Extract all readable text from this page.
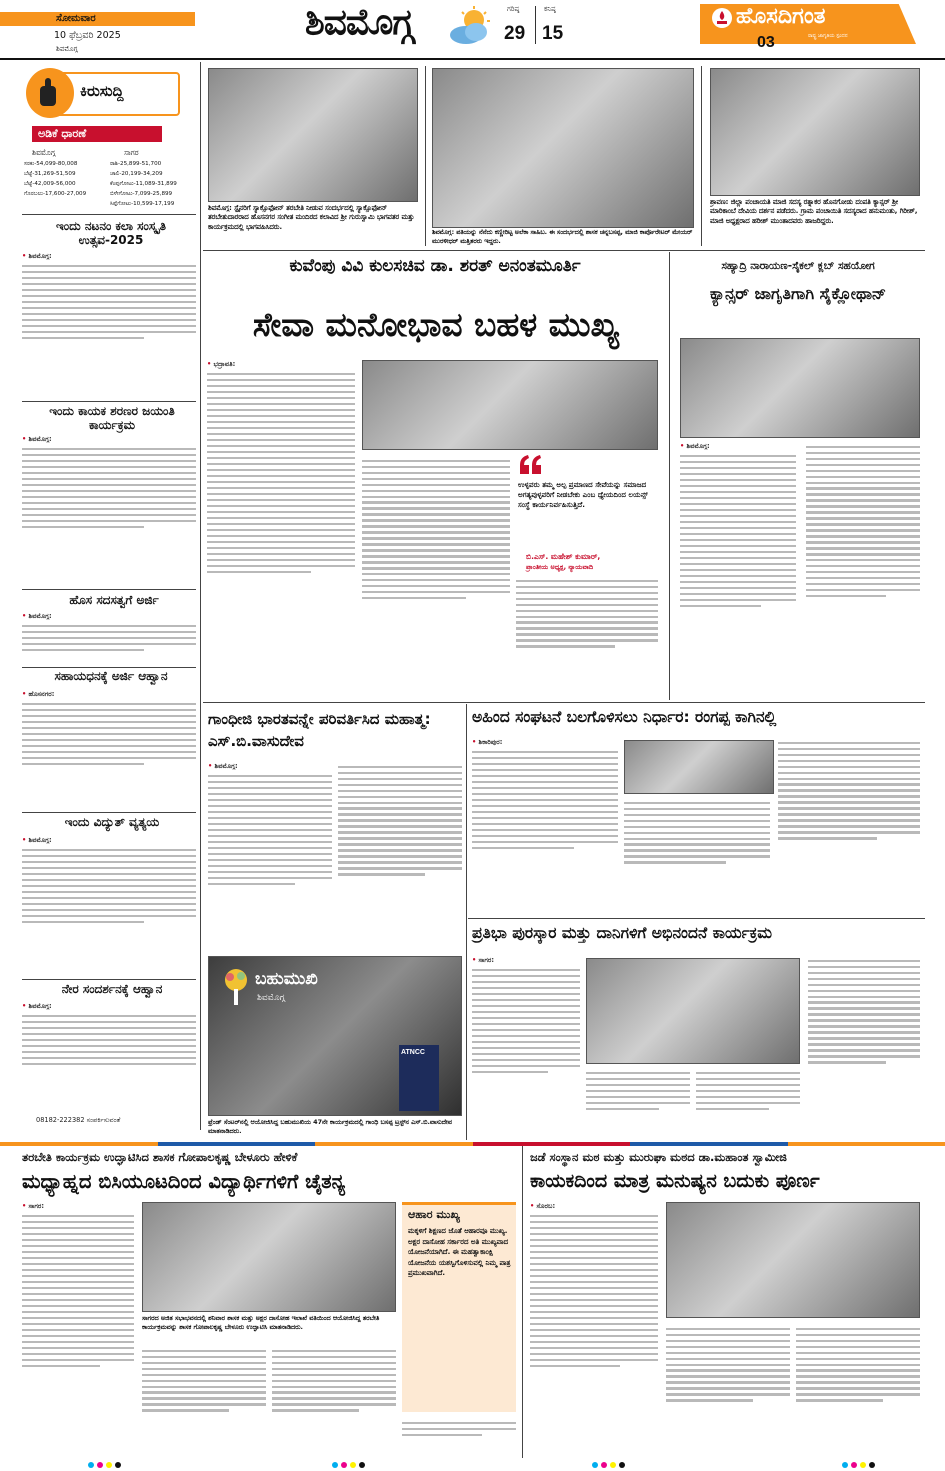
ಸೋಮವಾರ
10 ಫೆಬ್ರವರಿ 2025
ಶಿವಮೊಗ್ಗ
ಶಿವಮೊಗ್ಗ	ಗರಿಷ್ಠ
29
ಕನಿಷ್ಠ
15
ಹೊಸದಿಗಂತ
ರಾಷ್ಟ್ರ ಜಾಗೃತಿಯ ಸ್ಪಂದನ
03
ಕಿರುಸುದ್ದಿ
ಅಡಿಕೆ ಧಾರಣೆ
ಶಿವಮೊಗ್ಗ	ಸಾಗರ
ಸರಕು-54,099-80,008
ಬೆಟ್ಟೆ-31,269-51,509
ಬೆಟ್ಟೆ-42,009-56,000
ಗೊರಬಲು-17,600-27,009
ರಾಶಿ-25,899-51,700
ಚಾಲಿ-20,199-34,209
ಕೆಂಪುಗೋಟು-11,089-31,899
ಬಿಳೇಗೋಟು-7,099-25,899
ಸಿಪ್ಪೆಗೋಟು-10,599-17,199
ಇಂದು ನಟನಂ ಕಲಾ ಸಂಸ್ಕೃತಿ ಉತ್ಸವ-2025
• ಶಿವಮೊಗ್ಗ:
ಇಂದು ಕಾಯಕ ಶರಣರ ಜಯಂತಿ ಕಾರ್ಯಕ್ರಮ
• ಶಿವಮೊಗ್ಗ:
ಹೊಸ ಸದಸತ್ವಗೆ ಅರ್ಜಿ
• ಶಿವಮೊಗ್ಗ:
ಸಹಾಯಧನಕ್ಕೆ ಅರ್ಜಿ ಆಹ್ವಾನ
• ಹೊಸನಗರ:
ಇಂದು ವಿದ್ಯುತ್ ವ್ಯತ್ಯಯ
• ಶಿವಮೊಗ್ಗ:
ನೇರ ಸಂದರ್ಶನಕ್ಕೆ ಆಹ್ವಾನ
• ಶಿವಮೊಗ್ಗ:
08182-222382 ಸಂಪರ್ಕಿಸುವಂತೆ
ಶಿವಮೊಗ್ಗ: ಸ್ಟೈನರಿಗೆ ಸ್ಯಾಕ್ಸೊಫೋನ್ ತರಬೇತಿ ನೀಡುವ ಸಂದರ್ಭದಲ್ಲಿ ಸ್ಯಾಕ್ಸೊಫೋನ್ ತರಬೇತುದಾರರಾದ ಹೊಸನಗರ ಸಂಗೀತ ಮಂದಿರದ ಕಲಾವಿದ ಶ್ರೀ ಗುರುಸ್ವಾಮಿ ಭಾಗವತರ ಮತ್ತು ಕಾರ್ಯಕ್ರಮದಲ್ಲಿ ಭಾಗವಹಿಸಿದರು.
ಶಿವಮೊಗ್ಗ: ಪತಿಯನ್ನು ನೆನೆದು ಕಣ್ಣೀರಿಟ್ಟ ಅಲೆಕಾ ಸಾಹಿಬ. ಈ ಸಂದರ್ಭದಲ್ಲಿ ಶಾಸಕ ಚನ್ನಬಸಪ್ಪ, ಮಾಜಿ ಕಾರ್ಪೊರೇಟರ್ ಮೇಯರ್ ಮುರಳೀಧರ್ ಮತ್ತಿತರರು ಇದ್ದರು.
ಶ್ರಾವಣ: ಜಿಲ್ಲಾ ಪಂಚಾಯತಿ ಮಾಜಿ ಸದಸ್ಯ ರತ್ನಾಕರ ಹೊನಗೋಡು ದಂಪತಿ ಕ್ಯಾನ್ಸರ್ ಶ್ರೀ ಮಾರಿಕಾಂಬೆ ದೇವಿಯ ದರ್ಶನ ಪಡೆದರು. ಗ್ರಾಮ ಪಂಚಾಯಿತಿ ಸದಸ್ಯರಾದ ಹನುಮಂತು, ಗಿರೀಶ್, ಮಾಜಿ ಅಧ್ಯಕ್ಷರಾದ ಹರೀಶ್ ಮುಂತಾದವರು ಹಾಜರಿದ್ದರು.
ಕುವೆಂಪು ವಿವಿ ಕುಲಸಚಿವ ಡಾ. ಶರತ್ ಅನಂತಮೂರ್ತಿ
ಸೇವಾ ಮನೋಭಾವ ಬಹಳ ಮುಖ್ಯ
• ಭದ್ರಾವತಿ:
ಉಳ್ಳವರು ತಮ್ಮ ಅಲ್ಪ ಪ್ರಮಾಣದ ಸೇವೆಯನ್ನು ಸಮಾಜದ ಅಗತ್ಯವುಳ್ಳವರಿಗೆ ನೀಡಬೇಕು ಎಂಬ ಧ್ಯೇಯದಿಂದ ಲಯನ್ಸ್ ಸಂಸ್ಥೆ ಕಾರ್ಯನಿರ್ವಹಿಸುತ್ತಿದೆ.
ಬಿ.ಎಸ್. ಮಹೇಶ್ ಕುಮಾರ್,
ಪ್ರಾಂತೀಯ ಅಧ್ಯಕ್ಷ, ನ್ಯಾಯವಾದಿ
ಸಹ್ಯಾದ್ರಿ ನಾರಾಯಣ-ಸೈಕಲ್ ಕ್ಲಬ್ ಸಹಯೋಗ
ಕ್ಯಾನ್ಸರ್ ಜಾಗೃತಿಗಾಗಿ ಸೈಕ್ಲೋಥಾನ್
• ಶಿವಮೊಗ್ಗ:
ಗಾಂಧೀಜಿ ಭಾರತವನ್ನೇ ಪರಿವರ್ತಿಸಿದ ಮಹಾತ್ಮ: ಎಸ್.ಬಿ.ವಾಸುದೇವ
• ಶಿವಮೊಗ್ಗ:
ಬಹುಮುಖಿ
ಶಿವಮೊಗ್ಗ
ATNCC
ಫ್ರೆಂಡ್ ಸೆಂಟರ್‌ನಲ್ಲಿ ಆಯೋಜಿಸಿದ್ದ ಬಹುಮುಖಿಯ 47ನೇ ಕಾರ್ಯಕ್ರಮದಲ್ಲಿ ಗಾಂಧಿ ಬಸಪ್ಪ ಟ್ರಸ್ಟ್‌ನ ಎಸ್.ಬಿ.ವಾಸುದೇವ ಮಾತನಾಡಿದರು.
ಅಹಿಂದ ಸಂಘಟನೆ ಬಲಗೊಳಿಸಲು ನಿರ್ಧಾರ: ರಂಗಪ್ಪ ಕಾಗಿನಲ್ಲಿ
• ಶಿಕಾರಿಪುರ:
ಪ್ರತಿಭಾ ಪುರಸ್ಕಾರ ಮತ್ತು ದಾನಿಗಳಿಗೆ ಅಭಿನಂದನೆ ಕಾರ್ಯಕ್ರಮ
• ಸಾಗರ:
ತರಬೇತಿ ಕಾರ್ಯಕ್ರಮ ಉದ್ಘಾಟಿಸಿದ ಶಾಸಕ ಗೋಪಾಲಕೃಷ್ಣ ಬೇಳೂರು ಹೇಳಿಕೆ
ಮಧ್ಯಾಹ್ನದ ಬಿಸಿಯೂಟದಿಂದ ವಿದ್ಯಾರ್ಥಿಗಳಿಗೆ ಚೈತನ್ಯ
• ಸಾಗರ:
ಸಾಗರದ ಅಜಿತ ಸಭಾಭವನದಲ್ಲಿ ಶನಿವಾರ ಶಾಸಕ ಮತ್ತು ಅಕ್ಷರ ದಾಸೋಹ ಇಲಾಖೆ ವತಿಯಿಂದ ಆಯೋಜಿಸಿದ್ದ ತರಬೇತಿ ಕಾರ್ಯಕ್ರಮವನ್ನು ಶಾಸಕ ಗೋಪಾಲಕೃಷ್ಣ ಬೇಳೂರು ಉದ್ಘಾಟಿಸಿ ಮಾತನಾಡಿದರು.
ಆಹಾರ ಮುಖ್ಯ
ಮಕ್ಕಳಿಗೆ ಶಿಕ್ಷಣದ ಜೊತೆ ಆಹಾರವೂ ಮುಖ್ಯ. ಅಕ್ಷರ ದಾಸೋಹ ಸರ್ಕಾರದ ಅತಿ ಮುಖ್ಯವಾದ ಯೋಜನೆಯಾಗಿದೆ. ಈ ಮಹತ್ವಾಕಾಂಕ್ಷಿ ಯೋಜನೆಯ ಯಶಸ್ವಿಗೊಳಿಸುವಲ್ಲಿ ನಿಮ್ಮ ಪಾತ್ರ ಪ್ರಮುಖವಾಗಿದೆ.
ಜಡೆ ಸಂಸ್ಥಾನ ಮಠ ಮತ್ತು ಮುರುಘಾ ಮಠದ ಡಾ.ಮಹಾಂತ ಸ್ವಾಮೀಜಿ
ಕಾಯಕದಿಂದ ಮಾತ್ರ ಮನುಷ್ಯನ ಬದುಕು ಪೂರ್ಣ
• ಸೊರಬ:
